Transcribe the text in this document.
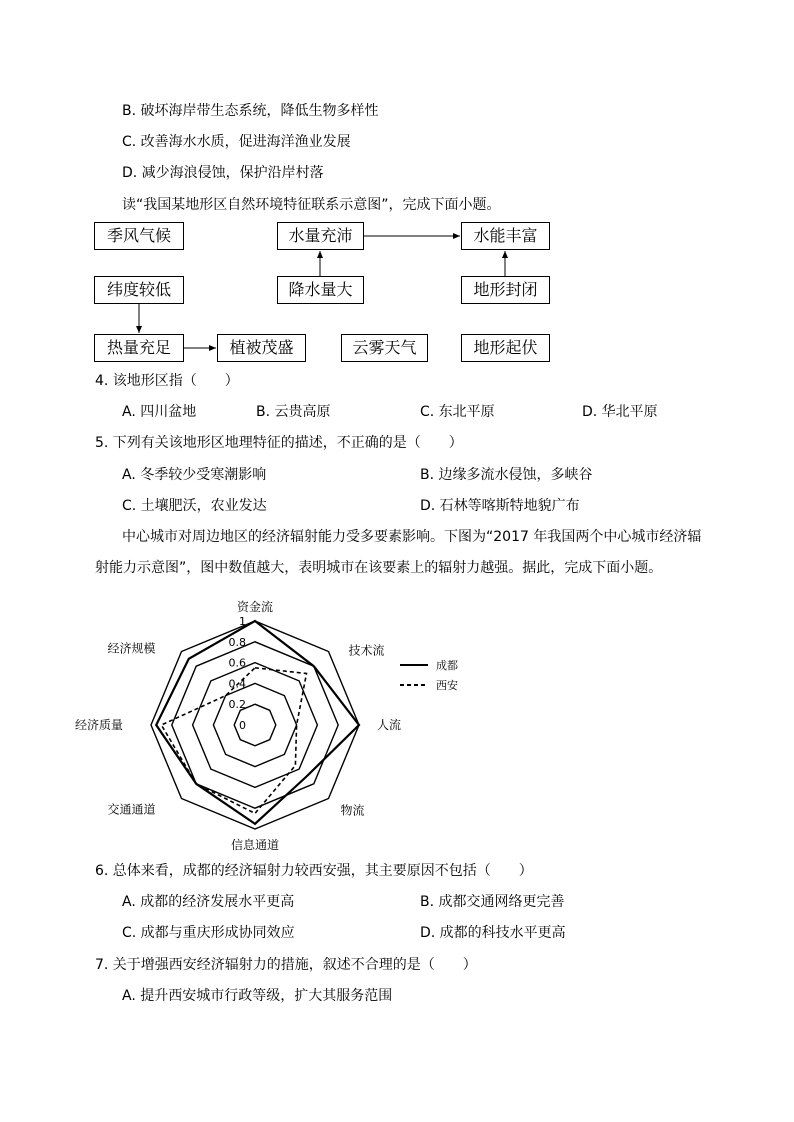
B. 破坏海岸带生态系统，降低生物多样性
C. 改善海水水质，促进海洋渔业发展
D. 减少海浪侵蚀，保护沿岸村落
读“我国某地形区自然环境特征联系示意图”，完成下面小题。
季风气候	水量充沛	水能丰富
纬度较低	降水量大	地形封闭
热量充足	植被茂盛	云雾天气	地形起伏
4. 该地形区指（　　）
A. 四川盆地	B. 云贵高原	C. 东北平原	D. 华北平原
5. 下列有关该地形区地理特征的描述，不正确的是（　　）
A. 冬季较少受寒潮影响	B. 边缘多流水侵蚀，多峡谷
C. 土壤肥沃，农业发达	D. 石林等喀斯特地貌广布
中心城市对周边地区的经济辐射能力受多要素影响。下图为“2017 年我国两个中心城市经济辐
射能力示意图”，图中数值越大，表明城市在该要素上的辐射力越强。据此，完成下面小题。
0
0.2
0.4
0.6
0.8
1
资金流
技术流
人流
物流
信息通道
交通通道
经济质量
经济规模
成都
西安
6. 总体来看，成都的经济辐射力较西安强，其主要原因不包括（　　）
A. 成都的经济发展水平更高	B. 成都交通网络更完善
C. 成都与重庆形成协同效应	D. 成都的科技水平更高
7. 关于增强西安经济辐射力的措施，叙述不合理的是（　　）
A. 提升西安城市行政等级，扩大其服务范围
